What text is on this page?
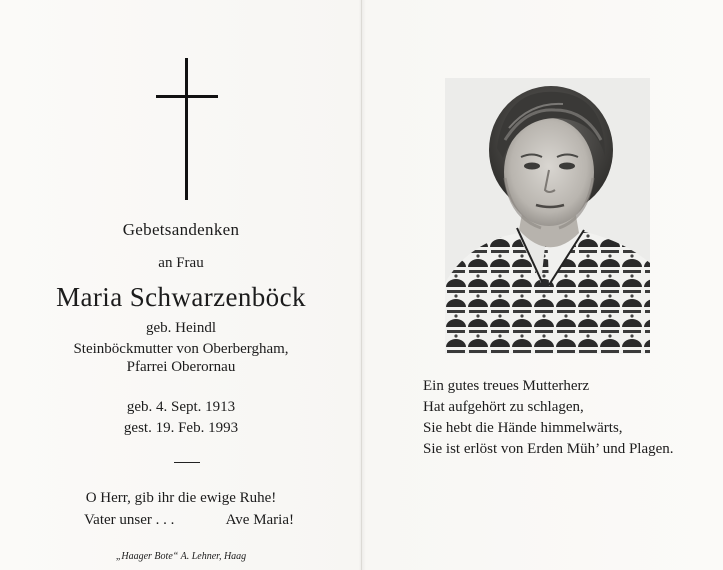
Gebetsandenken
an Frau
Maria Schwarzenböck
geb. Heindl
Steinböckmutter von Oberbergham,
Pfarrei Oberornau
geb. 4. Sept. 1913
gest. 19. Feb. 1993
O Herr, gib ihr die ewige Ruhe!
Vater unser . . .	Ave Maria!
„Haager Bote“ A. Lehner, Haag
Ein gutes treues Mutterherz
Hat aufgehört zu schlagen,
Sie hebt die Hände himmelwärts,
Sie ist erlöst von Erden Müh’ und Plagen.
